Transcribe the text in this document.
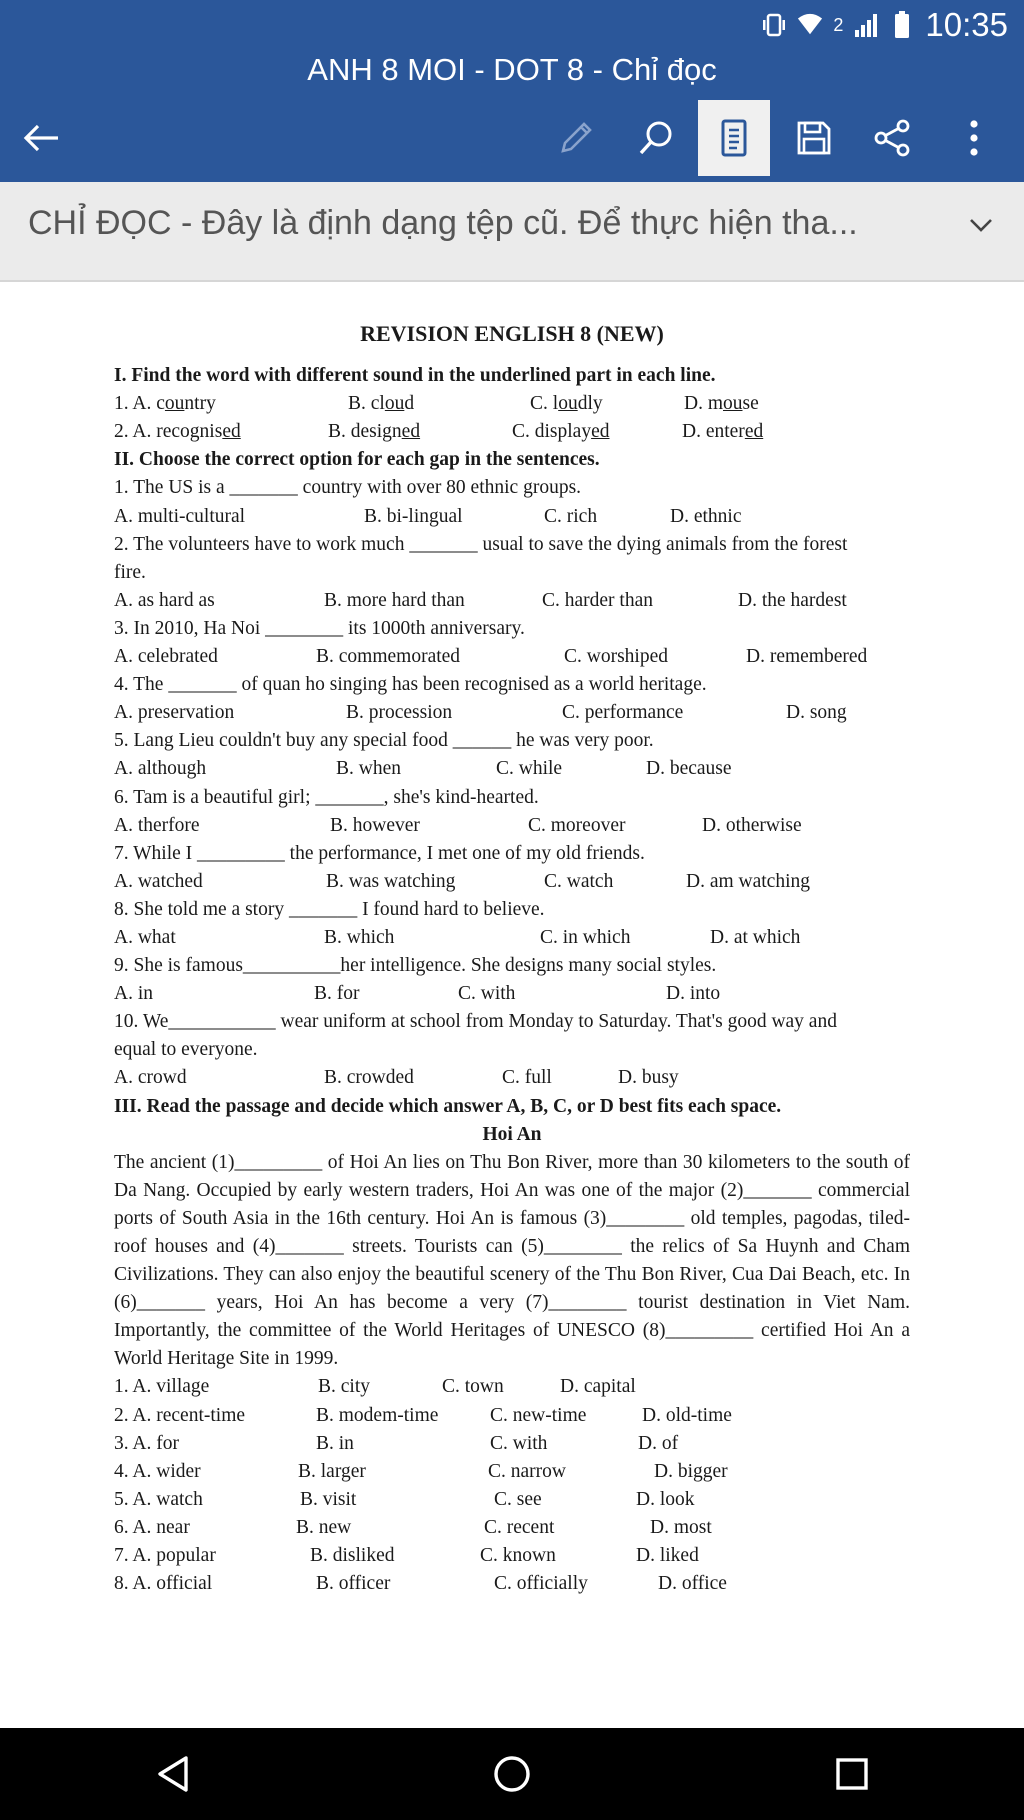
2 10:35
ANH 8 MOI - DOT 8 - Chỉ đọc
CHỈ ĐỌC - Đây là định dạng tệp cũ. Để thực hiện tha...
REVISION ENGLISH 8 (NEW)
I. Find the word with different sound in the underlined part in each line.
1. A. country	B. cloud	C. loudly	D. mouse
2. A. recognised	B. designed	C. displayed	D. entered
II. Choose the correct option for each gap in the sentences.
1. The US is a _______ country with over 80 ethnic groups.
A. multi-cultural	B. bi-lingual	C. rich	D. ethnic
2. The volunteers have to work much _______ usual to save the dying animals from the forest
fire.
A. as hard as	B. more hard than	C. harder than	D. the hardest
3. In 2010, Ha Noi ________ its 1000th anniversary.
A. celebrated	B. commemorated	C. worshiped	D. remembered
4. The _______ of quan ho singing has been recognised as a world heritage.
A. preservation	B. procession	C. performance	D. song
5. Lang Lieu couldn't buy any special food ______ he was very poor.
A. although	B. when	C. while	D. because
6. Tam is a beautiful girl; _______, she's kind-hearted.
A. therfore	B. however	C. moreover	D. otherwise
7. While I _________ the performance, I met one of my old friends.
A. watched	B. was watching	C. watch	D. am watching
8. She told me a story _______ I found hard to believe.
A. what	B. which	C. in which	D. at which
9. She is famous__________her intelligence. She designs many social styles.
A. in	B. for	C. with	D. into
10. We___________ wear uniform at school from Monday to Saturday. That's good way and
equal to everyone.
A. crowd	B. crowded	C. full	D. busy
III. Read the passage and decide which answer A, B, C, or D best fits each space.
Hoi An
The ancient (1)_________ of Hoi An lies on Thu Bon River, more than 30 kilometers to the south of Da Nang. Occupied by early western traders, Hoi An was one of the major (2)_______ commercial ports of South Asia in the 16th century. Hoi An is famous (3)________ old temples, pagodas, tiled-roof houses and (4)_______ streets. Tourists can (5)________ the relics of Sa Huynh and Cham Civilizations. They can also enjoy the beautiful scenery of the Thu Bon River, Cua Dai Beach, etc. In (6)_______ years, Hoi An has become a very (7)________ tourist destination in Viet Nam. Importantly, the committee of the World Heritages of UNESCO (8)_________ certified Hoi An a World Heritage Site in 1999.
1. A. village	B. city	C. town	D. capital
2. A. recent-time	B. modem-time	C. new-time	D. old-time
3. A. for	B. in	C. with	D. of
4. A. wider	B. larger	C. narrow	D. bigger
5. A. watch	B. visit	C. see	D. look
6. A. near	B. new	C. recent	D. most
7. A. popular	B. disliked	C. known	D. liked
8. A. official	B. officer	C. officially	D. office
